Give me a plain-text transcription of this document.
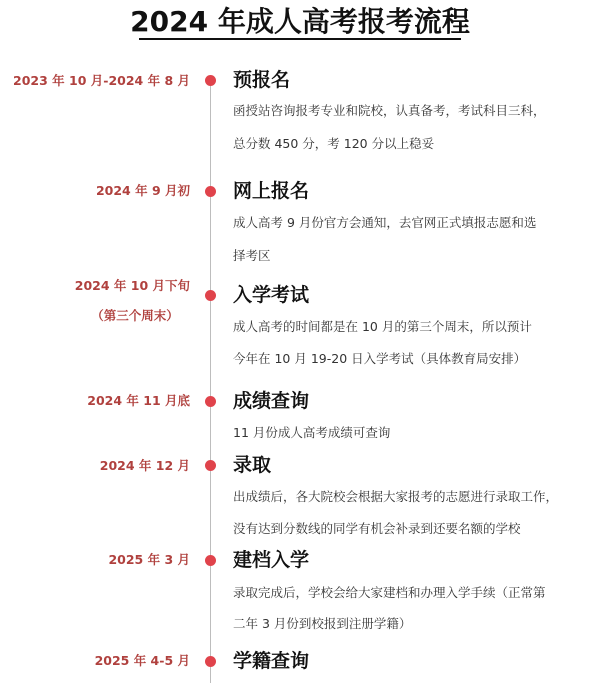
2024 年成人高考报考流程
2023 年 10 月-2024 年 8 月 预报名
函授站咨询报考专业和院校，认真备考，考试科目三科，
总分数 450 分，考 120 分以上稳妥
2024 年 9 月初 网上报名
成人高考 9 月份官方会通知，去官网正式填报志愿和选
择考区
2024 年 10 月下旬
（第三个周末）
入学考试
成人高考的时间都是在 10 月的第三个周末，所以预计
今年在 10 月 19-20 日入学考试（具体教育局安排）
2024 年 11 月底 成绩查询
11 月份成人高考成绩可查询
2024 年 12 月 录取
出成绩后，各大院校会根据大家报考的志愿进行录取工作，
没有达到分数线的同学有机会补录到还要名额的学校
2025 年 3 月 建档入学
录取完成后，学校会给大家建档和办理入学手续（正常第
二年 3 月份到校报到注册学籍）
2025 年 4-5 月 学籍查询
